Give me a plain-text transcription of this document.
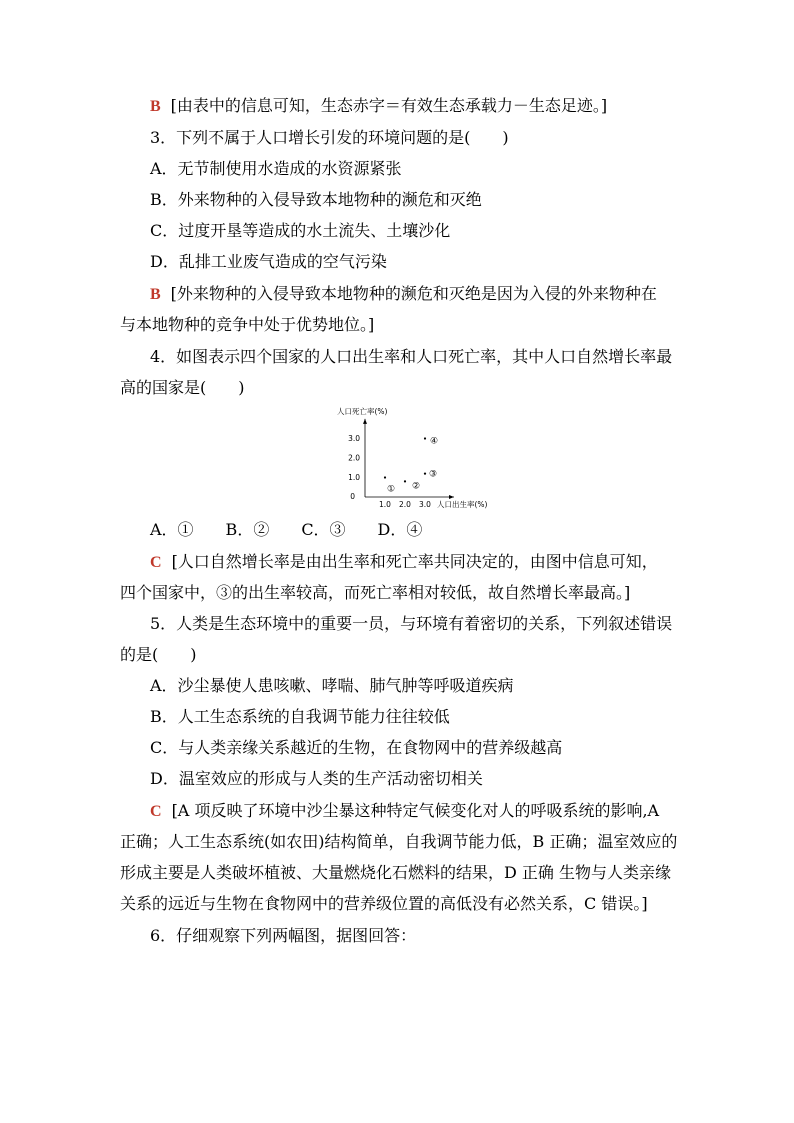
B [由表中的信息可知，生态赤字＝有效生态承载力－生态足迹。]
3．下列不属于人口增长引发的环境问题的是(　　)
A．无节制使用水造成的水资源紧张
B．外来物种的入侵导致本地物种的濒危和灭绝
C．过度开垦等造成的水土流失、土壤沙化
D．乱排工业废气造成的空气污染
B [外来物种的入侵导致本地物种的濒危和灭绝是因为入侵的外来物种在
与本地物种的竞争中处于优势地位。]
4．如图表示四个国家的人口出生率和人口死亡率，其中人口自然增长率最
高的国家是(　　)
1.0 2.0 3.0
3.0
2.0
1.0
0
人口死亡率(%)
人口出生率(%)
① ②
③
④
A．①　　B．②　　C．③　　D．④
C [人口自然增长率是由出生率和死亡率共同决定的，由图中信息可知，
四个国家中，③的出生率较高，而死亡率相对较低，故自然增长率最高。]
5．人类是生态环境中的重要一员，与环境有着密切的关系，下列叙述错误
的是(　　)
A．沙尘暴使人患咳嗽、哮喘、肺气肿等呼吸道疾病
B．人工生态系统的自我调节能力往往较低
C．与人类亲缘关系越近的生物，在食物网中的营养级越高
D．温室效应的形成与人类的生产活动密切相关
C [A 项反映了环境中沙尘暴这种特定气候变化对人的呼吸系统的影响,A
正确；人工生态系统(如农田)结构简单，自我调节能力低，B 正确；温室效应的
形成主要是人类破坏植被、大量燃烧化石燃料的结果，D 正确 生物与人类亲缘
关系的远近与生物在食物网中的营养级位置的高低没有必然关系，C 错误。]
6．仔细观察下列两幅图，据图回答：
